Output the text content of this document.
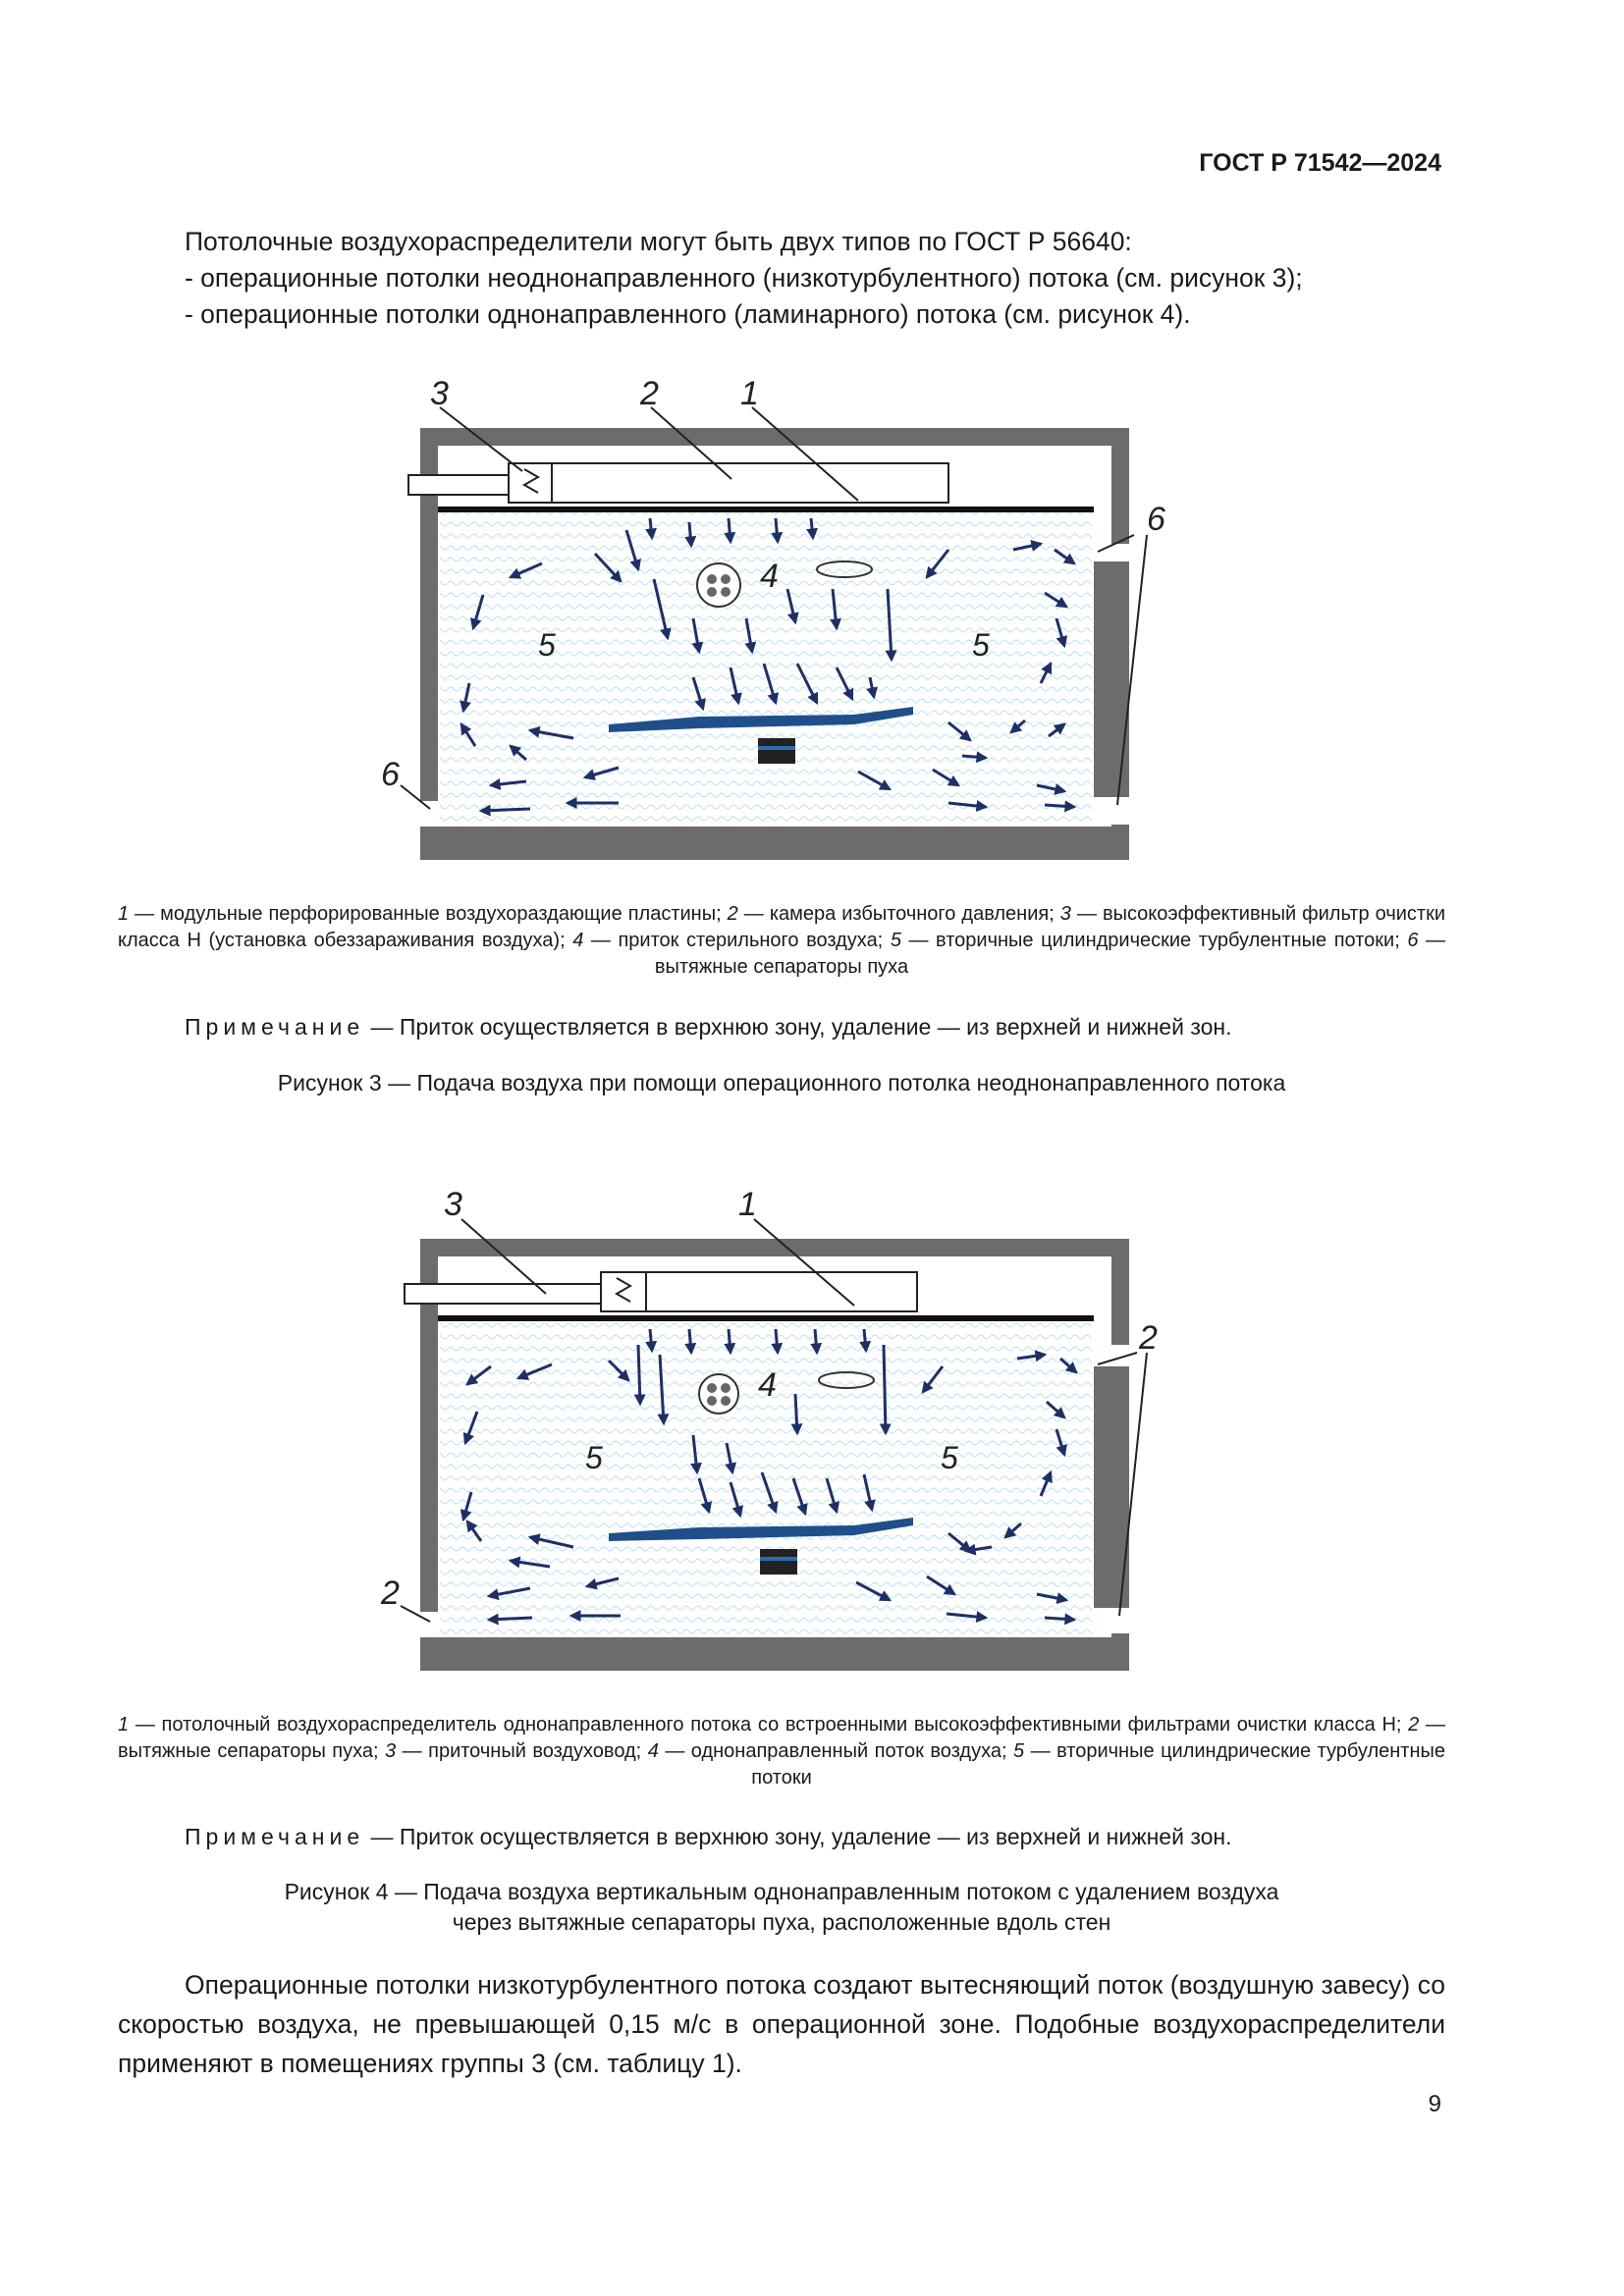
ГОСТ Р 71542—2024
Потолочные воздухораспределители могут быть двух типов по ГОСТ Р 56640:
- операционные потолки неоднонаправленного (низкотурбулентного) потока (см. рисунок 3);
- операционные потолки однонаправленного (ламинарного) потока (см. рисунок 4).
3	2 1
4
5	5
6
6
3	1
4
5	5
2
2
1 — модульные перфорированные воздухораздающие пластины; 2 — камера избыточного давления; 3 — высокоэффективный фильтр очистки класса Н (установка обеззараживания воздуха); 4 — приток стерильного воздуха; 5 — вторичные цилиндрические турбулентные потоки; 6 — вытяжные сепараторы пуха
Примечание — Приток осуществляется в верхнюю зону, удаление — из верхней и нижней зон.
Рисунок 3 — Подача воздуха при помощи операционного потолка неоднонаправленного потока
1 — потолочный воздухораспределитель однонаправленного потока со встроенными высокоэффективными фильтрами очистки класса Н; 2 — вытяжные сепараторы пуха; 3 — приточный воздуховод; 4 — однонаправленный поток воздуха; 5 — вторичные цилиндрические турбулентные потоки
Примечание — Приток осуществляется в верхнюю зону, удаление — из верхней и нижней зон.
Рисунок 4 — Подача воздуха вертикальным однонаправленным потоком с удалением воздуха
через вытяжные сепараторы пуха, расположенные вдоль стен
Операционные потолки низкотурбулентного потока создают вытесняющий поток (воздушную завесу) со скоростью воздуха, не превышающей 0,15 м/с в операционной зоне. Подобные воздухораспределители применяют в помещениях группы 3 (см. таблицу 1).
9
